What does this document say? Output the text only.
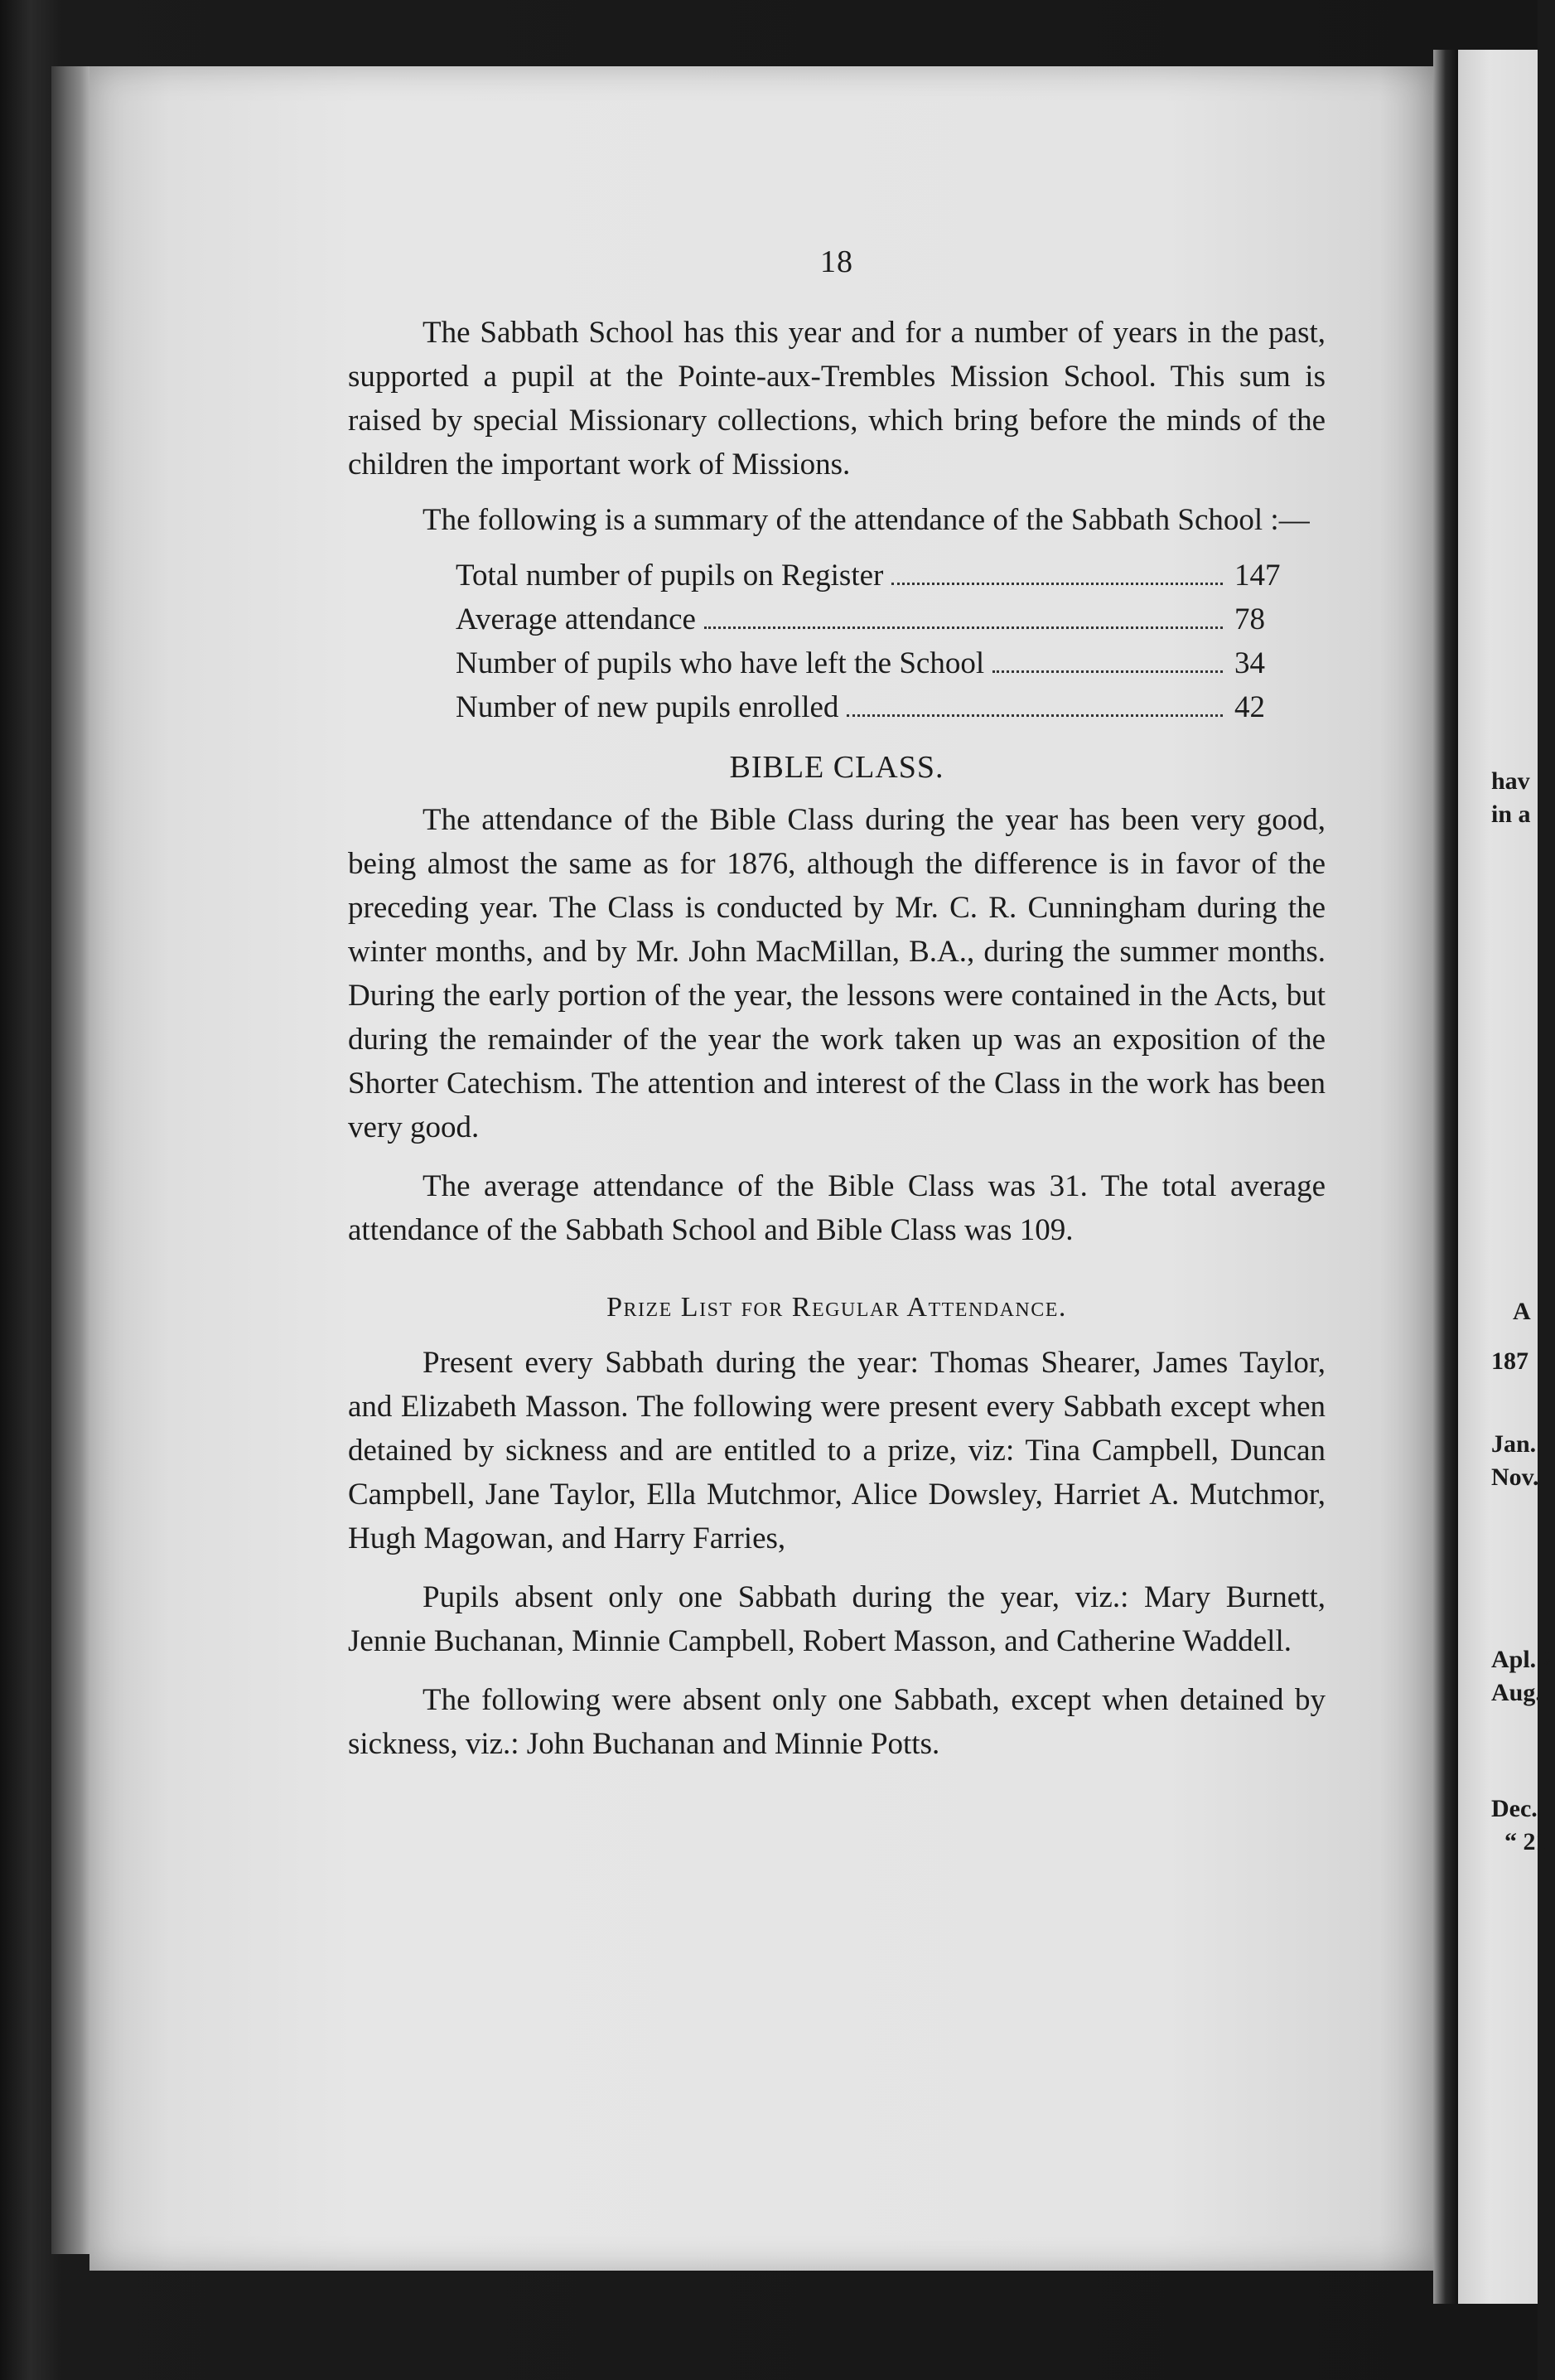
hav
in a
A
187
Jan.
Nov.
Apl. 2
Aug.
Dec.
“ 21
18

The Sabbath School has this year and for a number of years in the past, supported a pupil at the Pointe-aux-Trembles Mission School. This sum is raised by special Missionary collections, which bring before the minds of the children the important work of Missions.

The following is a summary of the attendance of the Sabbath School :—

Total number of pupils on Register	147
Average attendance	78
Number of pupils who have left the School	34
Number of new pupils enrolled	42
BIBLE CLASS.

The attendance of the Bible Class during the year has been very good, being almost the same as for 1876, although the difference is in favor of the preceding year. The Class is conducted by Mr. C. R. Cunningham during the winter months, and by Mr. John MacMillan, B.A., during the summer months. During the early portion of the year, the lessons were contained in the Acts, but during the remainder of the year the work taken up was an exposition of the Shorter Catechism. The attention and interest of the Class in the work has been very good.

The average attendance of the Bible Class was 31. The total average attendance of the Sabbath School and Bible Class was 109.

Prize List for Regular Attendance.

Present every Sabbath during the year: Thomas Shearer, James Taylor, and Elizabeth Masson. The following were present every Sabbath except when detained by sickness and are entitled to a prize, viz: Tina Campbell, Duncan Campbell, Jane Taylor, Ella Mutchmor, Alice Dowsley, Harriet A. Mutchmor, Hugh Magowan, and Harry Farries,

Pupils absent only one Sabbath during the year, viz.: Mary Burnett, Jennie Buchanan, Minnie Campbell, Robert Masson, and Catherine Waddell.

The following were absent only one Sabbath, except when detained by sickness, viz.: John Buchanan and Minnie Potts.
